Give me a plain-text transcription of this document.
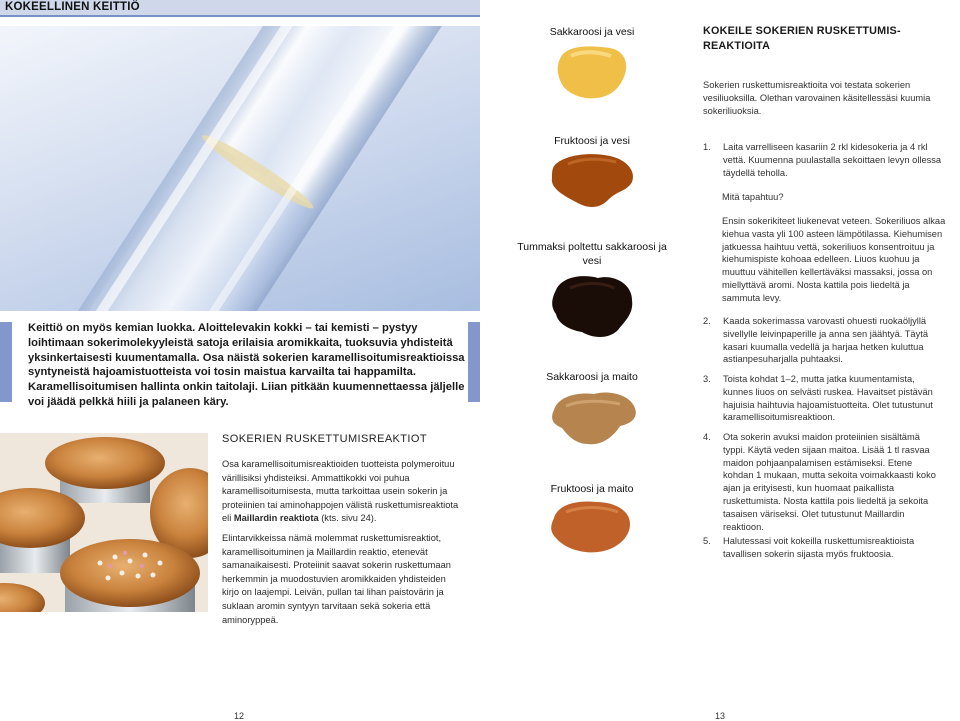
KOKEELLINEN KEITTIÖ
Keittiö on myös kemian luokka. Aloittelevakin kokki – tai kemisti – pystyy loihtimaan sokerimolekyyleistä satoja erilaisia aromikkaita, tuoksuvia yhdisteitä yksinkertaisesti kuumentamalla. Osa näistä sokerien karamellisoitumisreaktioissa syntyneistä hajoamistuotteista voi tosin maistua karvailta tai happamilta. Karamellisoitumisen hallinta onkin taitolaji. Liian pitkään kuumennettaessa jäljelle voi jäädä pelkkä hiili ja palaneen käry.
SOKERIEN RUSKETTUMISREAKTIOT
Osa karamellisoitumisreaktioiden tuotteista polymeroituu värillisiksi yhdisteiksi. Ammattikokki voi puhua karamellisoitumisesta, mutta tarkoittaa usein sokerin ja proteiinien tai aminohappojen välistä ruskettumisreaktiota eli Maillardin reaktiota (kts. sivu 24).
Elintarvikkeissa nämä molemmat ruskettumisreaktiot, karamellisoituminen ja Maillardin reaktio, etenevät samanaikaisesti. Proteiinit saavat sokerin ruskettumaan herkemmin ja muodostuvien aromikkaiden yhdisteiden kirjo on laajempi. Leivän, pullan tai lihan paistovärin ja suklaan aromin syntyyn tarvitaan sekä sokeria että aminoryppeä.
12
Sakkaroosi ja vesi
Fruktoosi ja vesi
Tummaksi poltettu sakkaroosi ja vesi
Sakkaroosi ja maito
Fruktoosi ja maito
KOKEILE SOKERIEN RUSKETTUMISREAKTIOITA
Sokerien ruskettumisreaktioita voi testata sokerien vesiliuoksilla. Olethan varovainen käsitellessäsi kuumia sokeriliuoksia.
1.	Laita varrelliseen kasariin 2 rkl kidesokeria ja 4 rkl vettä. Kuumenna puulastalla sekoittaen levyn ollessa täydellä teholla.
Mitä tapahtuu?
Ensin sokerikiteet liukenevat veteen. Sokeriliuos alkaa kiehua vasta yli 100 asteen lämpötilassa. Kiehumisen jatkuessa haihtuu vettä, sokeriliuos konsentroituu ja kiehumispiste kohoaa edelleen. Liuos kuohuu ja muuttuu vähitellen kellertäväksi massaksi, jossa on miellyttävä aromi. Nosta kattila pois liedeltä ja sammuta levy.
2.	Kaada sokerimassa varovasti ohuesti ruokaöljyllä sivellylle leivinpaperille ja anna sen jäähtyä. Täytä kasari kuumalla vedellä ja harjaa hetken kuluttua astianpesuharjalla puhtaaksi.
3.	Toista kohdat 1–2, mutta jatka kuumentamista, kunnes liuos on selvästi ruskea. Havaitset pistävän hajuisia haihtuvia hajoamistuotteita. Olet tutustunut karamellisoitumisreaktioon.
4.	Ota sokerin avuksi maidon proteiinien sisältämä typpi. Käytä veden sijaan maitoa. Lisää 1 tl rasvaa maidon pohjaanpalamisen estämiseksi. Etene kohdan 1 mukaan, mutta sekoita voimakkaasti koko ajan ja erityisesti, kun huomaat paikallista ruskettumista. Nosta kattila pois liedeltä ja sekoita tasaisen väriseksi. Olet tutustunut Maillardin reaktioon.
5.	Halutessasi voit kokeilla ruskettumisreaktioista tavallisen sokerin sijasta myös fruktoosia.
13
